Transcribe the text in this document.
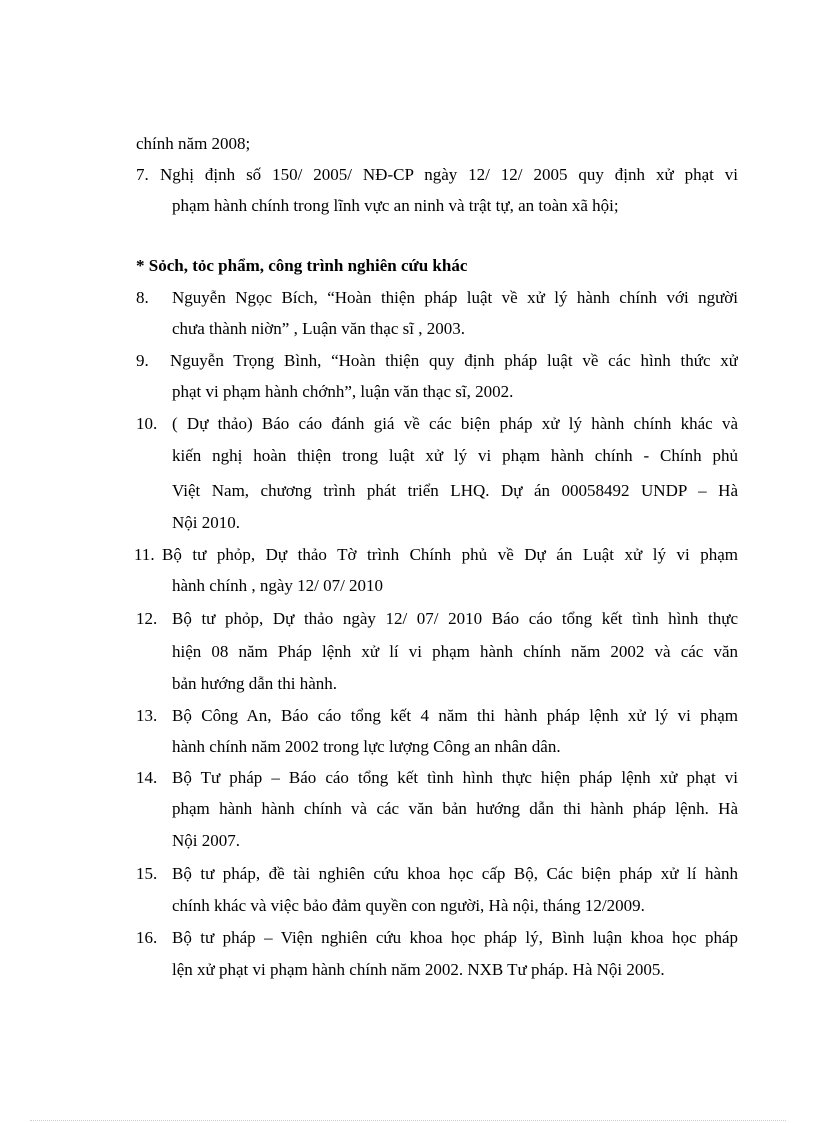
chính năm 2008;
7. Nghị định số 150/ 2005/ NĐ-CP ngày 12/ 12/ 2005 quy định xử phạt vi
phạm hành chính trong lĩnh vực an ninh và trật tự, an toàn xã hội;
* Sỏch, tỏc phẩm, công trình nghiên cứu khác
8. Nguyễn Ngọc Bích, “Hoàn thiện pháp luật về xử lý hành chính với người
chưa thành niờn” , Luận văn thạc sĩ , 2003.
9. Nguyễn Trọng Bình, “Hoàn thiện quy định pháp luật về các hình thức xử
phạt vi phạm hành chớnh”, luận văn thạc sĩ, 2002.
10. ( Dự thảo) Báo cáo đánh giá về các biện pháp xử lý hành chính khác và
kiến nghị hoàn thiện trong luật xử lý vi phạm hành chính - Chính phủ
Việt Nam, chương trình phát triển LHQ. Dự án 00058492 UNDP – Hà
Nội 2010.
11. Bộ tư phỏp, Dự thảo Tờ trình Chính phủ về Dự án Luật xử lý vi phạm
hành chính , ngày 12/ 07/ 2010
12. Bộ tư phỏp, Dự thảo ngày 12/ 07/ 2010 Báo cáo tổng kết tình hình thực
hiện 08 năm Pháp lệnh xử lí vi phạm hành chính năm 2002 và các văn
bản hướng dẫn thi hành.
13. Bộ Công An, Báo cáo tổng kết 4 năm thi hành pháp lệnh xử lý vi phạm
hành chính năm 2002 trong lực lượng Công an nhân dân.
14. Bộ Tư pháp – Báo cáo tổng kết tình hình thực hiện pháp lệnh xử phạt vi
phạm hành hành chính và các văn bản hướng dẫn thi hành pháp lệnh. Hà
Nội 2007.
15. Bộ tư pháp, đề tài nghiên cứu khoa học cấp Bộ, Các biện pháp xử lí hành
chính khác và việc bảo đảm quyền con người, Hà nội, tháng 12/2009.
16. Bộ tư pháp – Viện nghiên cứu khoa học pháp lý, Bình luận khoa học pháp
lện xử phạt vi phạm hành chính năm 2002. NXB Tư pháp. Hà Nội 2005.
